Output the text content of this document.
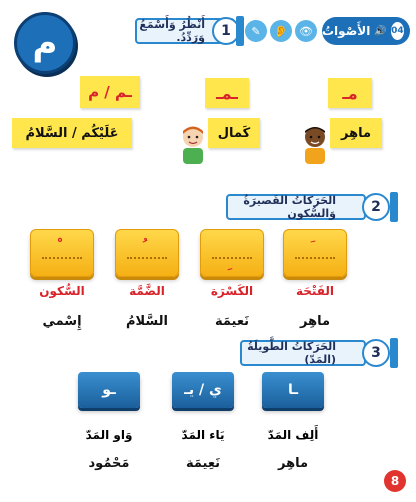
م	✎	👂	👁 الأَصْواتُ 🔊 04
أَنْظُرُ وَأَسْمَعُ وَرَدِّدُ.	1
ـم / م	ـمـ	مـ
عَلَيْكُم / السَّلامُ	كَمال	ماهِر
الحَرَكاتُ القَصيرَةُ وَالسُّكون	2
السُّكون	الضَّمَّة	الكَسْرَة	الفَتْحَة
إِسْمي	السَّلامُ	نَعيمَة	ماهِر
الحَرَكاتُ الطَّويلَةُ (المَدّ)	3
ـو	ي / يـ	ـا
وَاو المَدّ	يَاء المَدّ	أَلِف المَدّ
مَحْمُود	نَعِيمَة	ماهِر
8
